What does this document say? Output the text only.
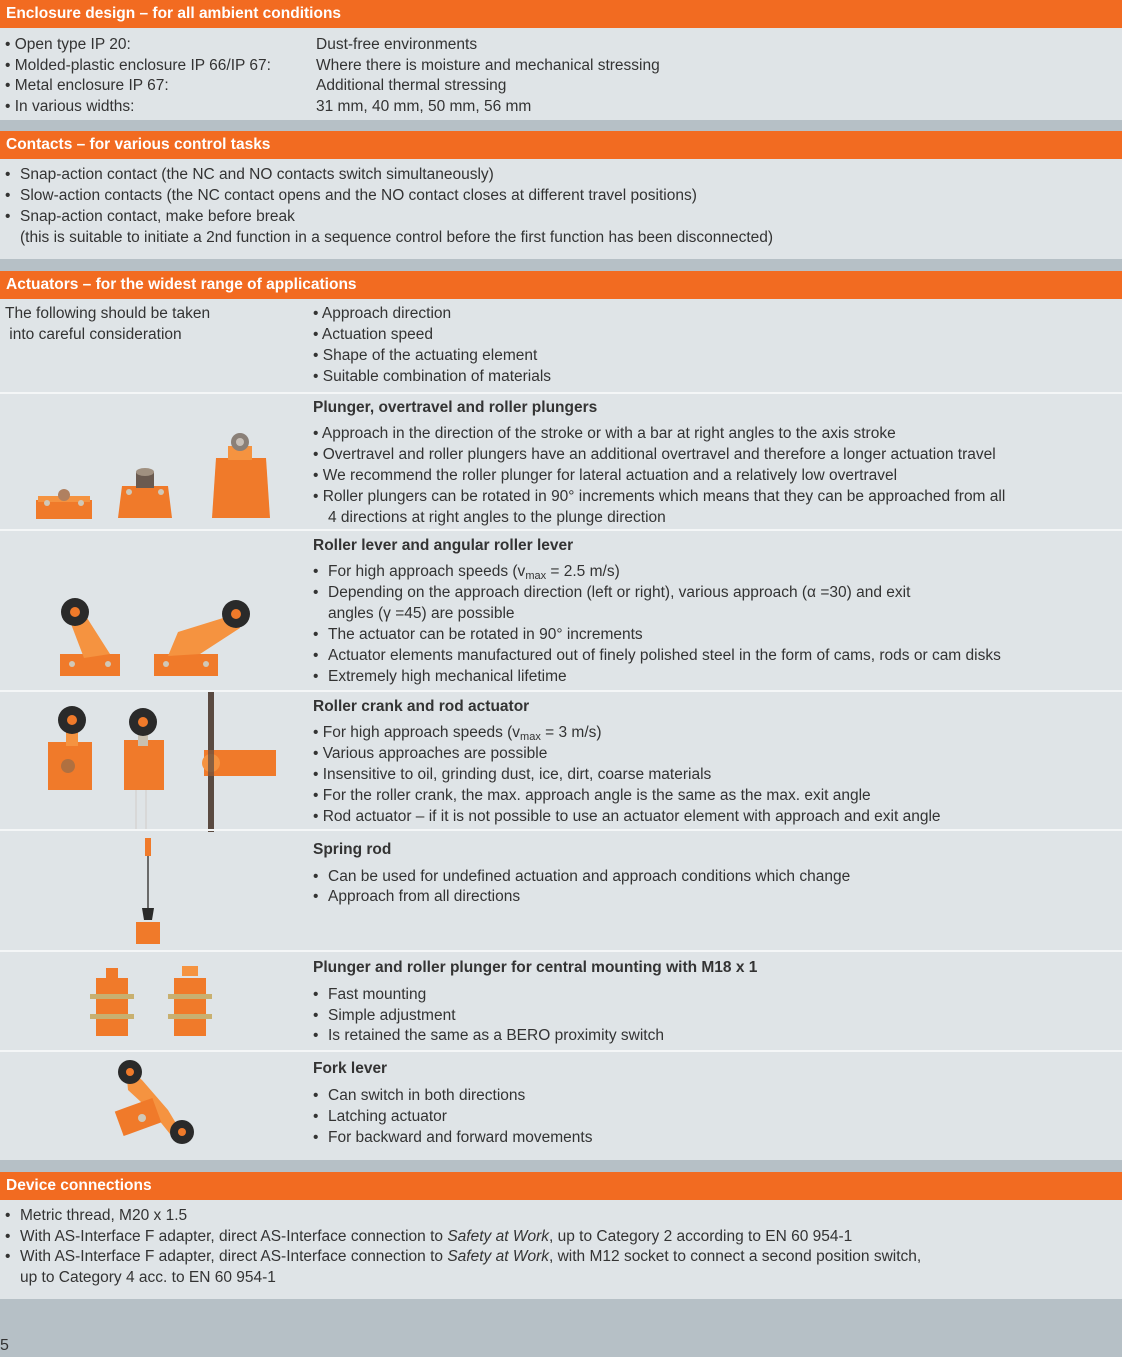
Enclosure design – for all ambient conditions
• Open type IP 20:
• Molded-plastic enclosure IP 66/IP 67:
• Metal enclosure IP 67:
• In various widths:
Dust-free environments
Where there is moisture and mechanical stressing
Additional thermal stressing
31 mm, 40 mm, 50 mm, 56 mm
Contacts – for various control tasks
• Snap-action contact (the NC and NO contacts switch simultaneously)
• Slow-action contacts (the NC contact opens and the NO contact closes at different travel positions)
• Snap-action contact, make before break
(this is suitable to initiate a 2nd function in a sequence control before the first function has been disconnected)
Actuators – for the widest range of applications
The following should be taken
into careful consideration
• Approach direction
• Actuation speed
• Shape of the actuating element
• Suitable combination of materials
Plunger, overtravel and roller plungers
• Approach in the direction of the stroke or with a bar at right angles to the axis stroke
• Overtravel and roller plungers have an additional overtravel and therefore a longer actuation travel
• We recommend the roller plunger for lateral actuation and a relatively low overtravel
• Roller plungers can be rotated in 90° increments which means that they can be approached from all
4 directions at right angles to the plunge direction
Roller lever and angular roller lever
• For high approach speeds ($v_{max} = 2.5$ m/s)
• Depending on the approach direction (left or right), various approach (α =30) and exit
angles (γ =45) are possible
• The actuator can be rotated in 90° increments
• Actuator elements manufactured out of finely polished steel in the form of cams, rods or cam disks
• Extremely high mechanical lifetime
Roller crank and rod actuator
• For high approach speeds ($v_{max} = 3$ m/s)
• Various approaches are possible
• Insensitive to oil, grinding dust, ice, dirt, coarse materials
• For the roller crank, the max. approach angle is the same as the max. exit angle
• Rod actuator – if it is not possible to use an actuator element with approach and exit angle
Spring rod
• Can be used for undefined actuation and approach conditions which change
• Approach from all directions
Plunger and roller plunger for central mounting with M18 x 1
• Fast mounting
• Simple adjustment
• Is retained the same as a BERO proximity switch
Fork lever
• Can switch in both directions
• Latching actuator
• For backward and forward movements
Device connections
• Metric thread, M20 x 1.5
• With AS-Interface F adapter, direct AS-Interface connection to Safety at Work, up to Category 2 according to EN 60 954-1
• With AS-Interface F adapter, direct AS-Interface connection to Safety at Work, with M12 socket to connect a second position switch,
up to Category 4 acc. to EN 60 954-1
5
